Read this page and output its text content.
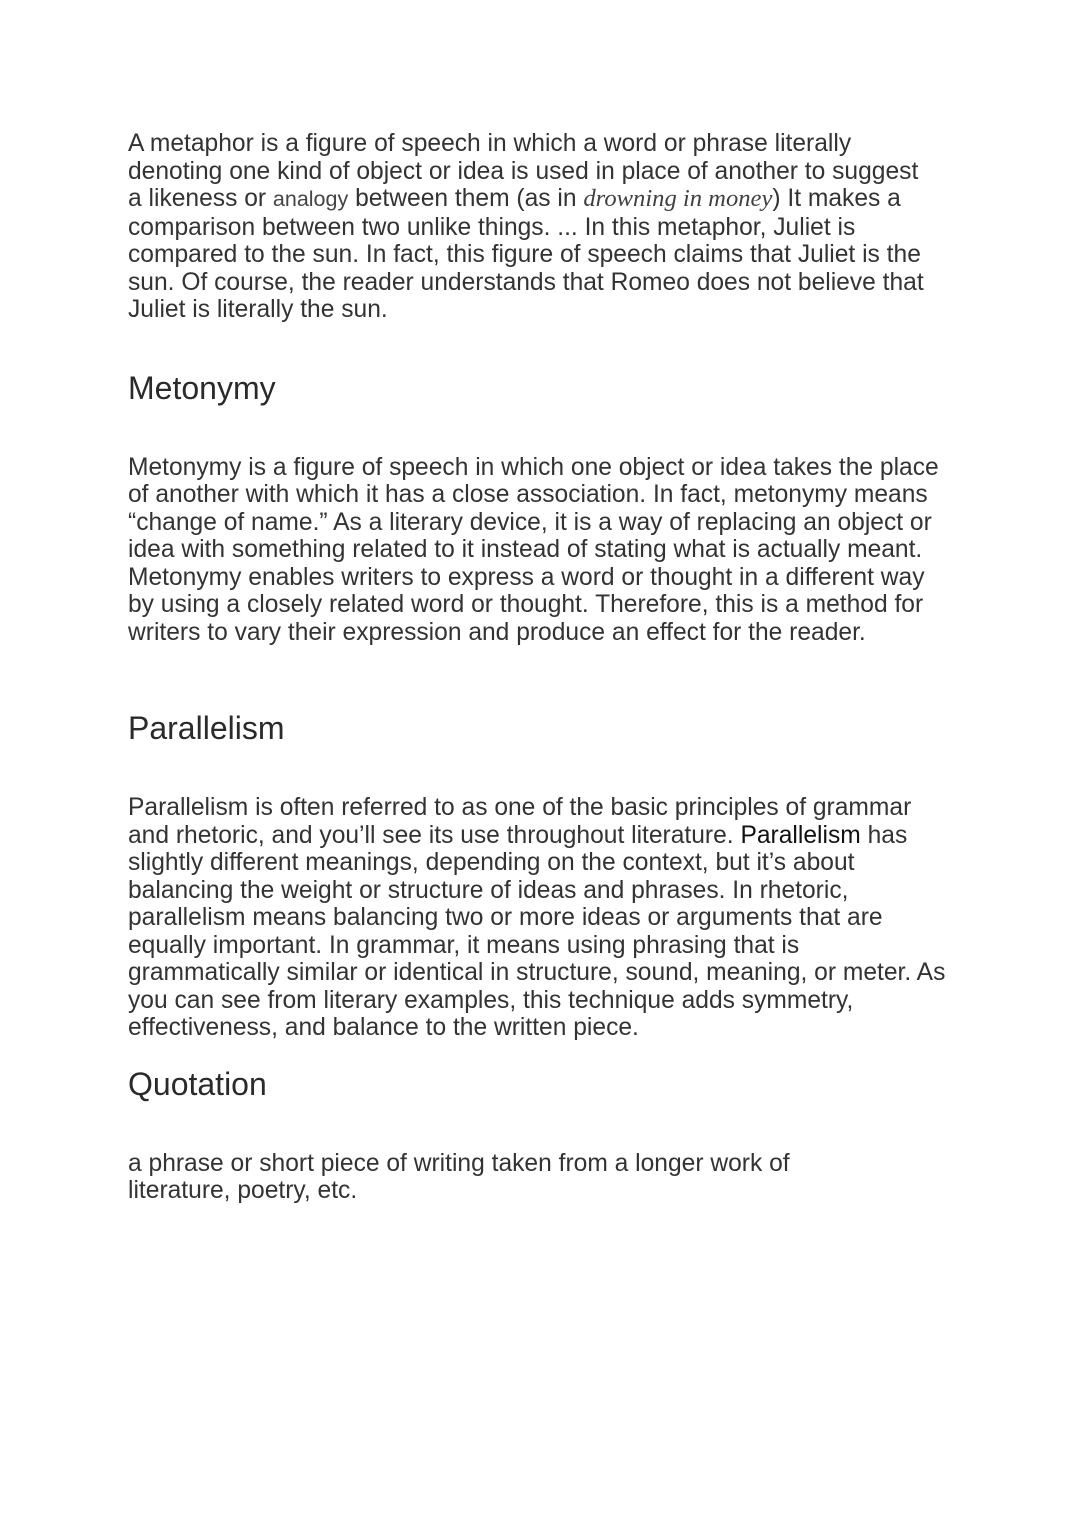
A metaphor is a figure of speech in which a word or phrase literally
denoting one kind of object or idea is used in place of another to suggest
a likeness or analogy between them (as in drowning in money) It makes a
comparison between two unlike things. ... In this metaphor, Juliet is
compared to the sun. In fact, this figure of speech claims that Juliet is the
sun. Of course, the reader understands that Romeo does not believe that
Juliet is literally the sun.

Metonymy

Metonymy is a figure of speech in which one object or idea takes the place
of another with which it has a close association. In fact, metonymy means
“change of name.” As a literary device, it is a way of replacing an object or
idea with something related to it instead of stating what is actually meant.
Metonymy enables writers to express a word or thought in a different way
by using a closely related word or thought. Therefore, this is a method for
writers to vary their expression and produce an effect for the reader.

Parallelism

Parallelism is often referred to as one of the basic principles of grammar
and rhetoric, and you’ll see its use throughout literature. Parallelism has
slightly different meanings, depending on the context, but it’s about
balancing the weight or structure of ideas and phrases. In rhetoric,
parallelism means balancing two or more ideas or arguments that are
equally important. In grammar, it means using phrasing that is
grammatically similar or identical in structure, sound, meaning, or meter. As
you can see from literary examples, this technique adds symmetry,
effectiveness, and balance to the written piece.

Quotation

a phrase or short piece of writing taken from a longer work of
literature, poetry, etc.
